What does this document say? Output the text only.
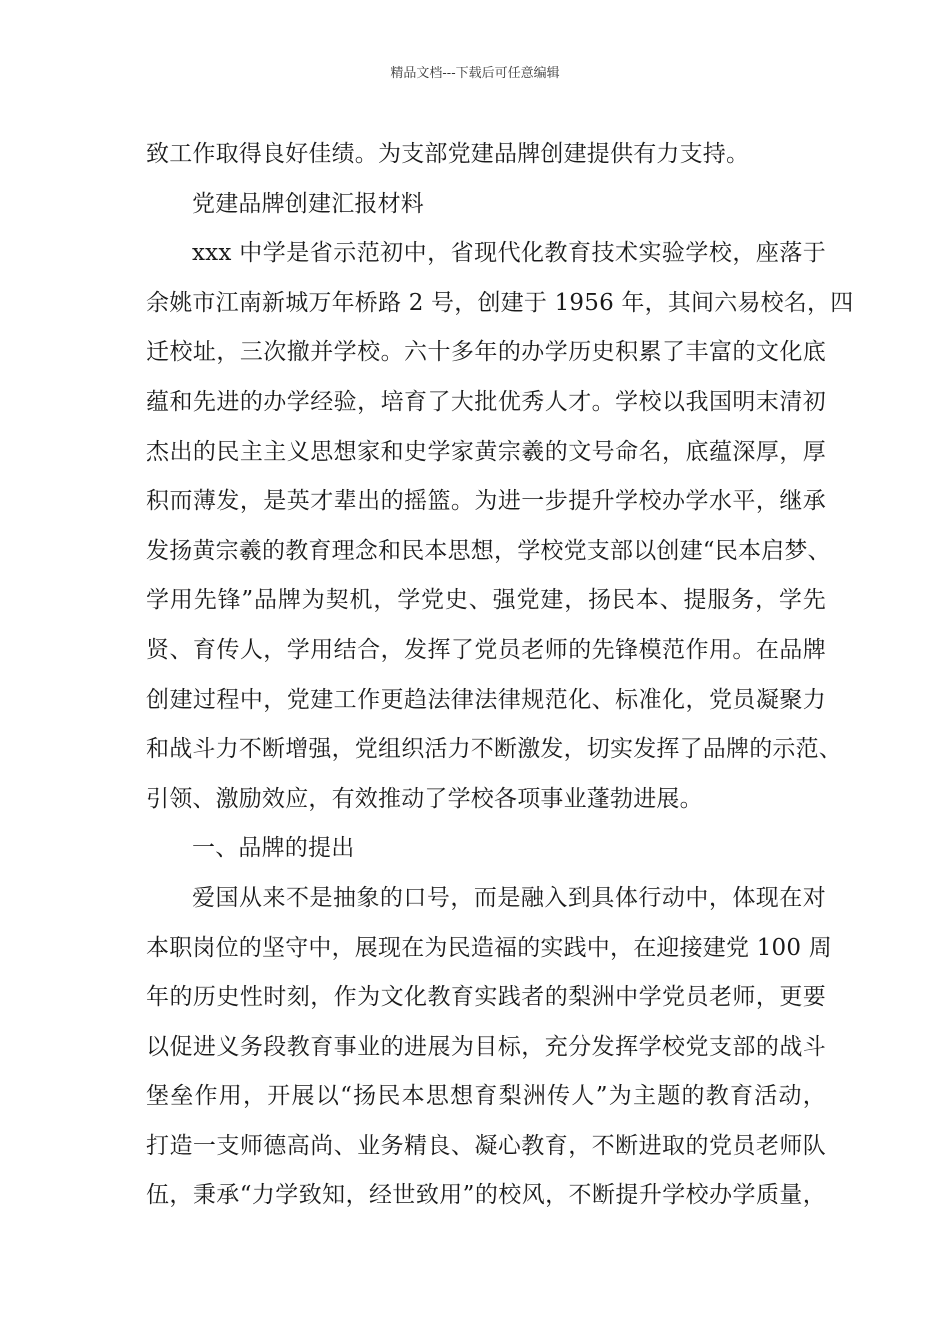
精品文档---下载后可任意编辑
致工作取得良好佳绩。为支部党建品牌创建提供有力支持。
党建品牌创建汇报材料
xxx 中学是省示范初中，省现代化教育技术实验学校，座落于
余姚市江南新城万年桥路 2 号，创建于 1956 年，其间六易校名，四
迁校址，三次撤并学校。六十多年的办学历史积累了丰富的文化底
蕴和先进的办学经验，培育了大批优秀人才。学校以我国明末清初
杰出的民主主义思想家和史学家黄宗羲的文号命名，底蕴深厚，厚
积而薄发，是英才辈出的摇篮。为进一步提升学校办学水平，继承
发扬黄宗羲的教育理念和民本思想，学校党支部以创建“民本启梦、
学用先锋”品牌为契机，学党史、强党建，扬民本、提服务，学先
贤、育传人，学用结合，发挥了党员老师的先锋模范作用。在品牌
创建过程中，党建工作更趋法律法律规范化、标准化，党员凝聚力
和战斗力不断增强，党组织活力不断激发，切实发挥了品牌的示范、
引领、激励效应，有效推动了学校各项事业蓬勃进展。
一、品牌的提出
爱国从来不是抽象的口号，而是融入到具体行动中，体现在对
本职岗位的坚守中，展现在为民造福的实践中，在迎接建党 100 周
年的历史性时刻，作为文化教育实践者的梨洲中学党员老师，更要
以促进义务段教育事业的进展为目标，充分发挥学校党支部的战斗
堡垒作用，开展以“扬民本思想育梨洲传人”为主题的教育活动，
打造一支师德高尚、业务精良、凝心教育，不断进取的党员老师队
伍，秉承“力学致知，经世致用”的校风，不断提升学校办学质量，
